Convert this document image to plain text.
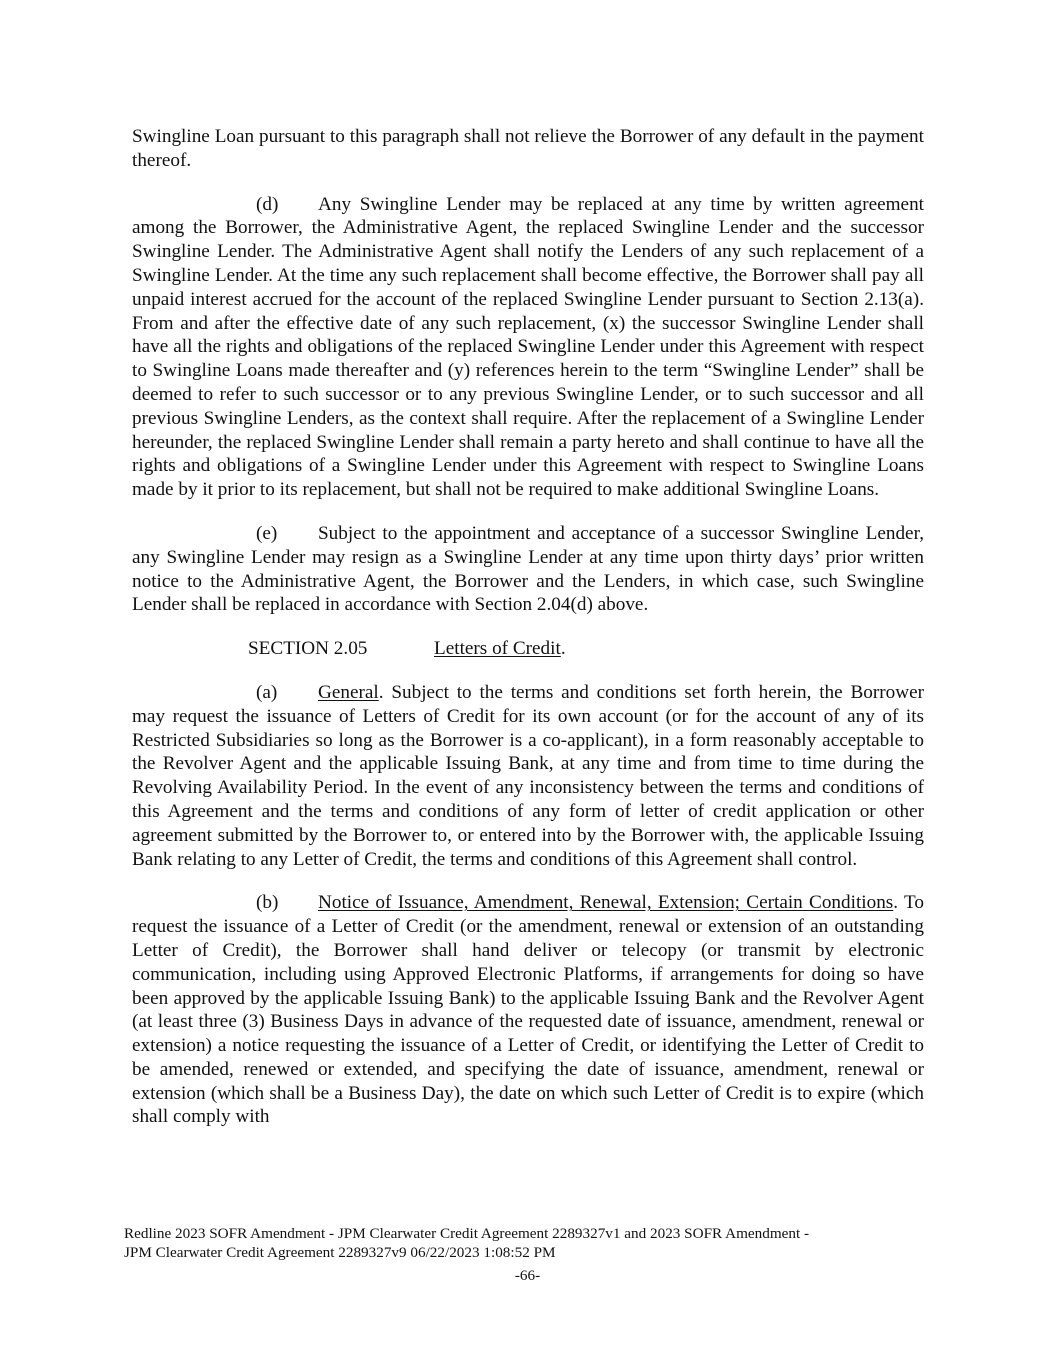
Swingline Loan pursuant to this paragraph shall not relieve the Borrower of any default in the payment thereof.

(d) Any Swingline Lender may be replaced at any time by written agreement among the Borrower, the Administrative Agent, the replaced Swingline Lender and the successor Swingline Lender. The Administrative Agent shall notify the Lenders of any such replacement of a Swingline Lender. At the time any such replacement shall become effective, the Borrower shall pay all unpaid interest accrued for the account of the replaced Swingline Lender pursuant to Section 2.13(a). From and after the effective date of any such replacement, (x) the successor Swingline Lender shall have all the rights and obligations of the replaced Swingline Lender under this Agreement with respect to Swingline Loans made thereafter and (y) references herein to the term “Swingline Lender” shall be deemed to refer to such successor or to any previous Swingline Lender, or to such successor and all previous Swingline Lenders, as the context shall require. After the replacement of a Swingline Lender hereunder, the replaced Swingline Lender shall remain a party hereto and shall continue to have all the rights and obligations of a Swingline Lender under this Agreement with respect to Swingline Loans made by it prior to its replacement, but shall not be required to make additional Swingline Loans.

(e) Subject to the appointment and acceptance of a successor Swingline Lender, any Swingline Lender may resign as a Swingline Lender at any time upon thirty days’ prior written notice to the Administrative Agent, the Borrower and the Lenders, in which case, such Swingline Lender shall be replaced in accordance with Section 2.04(d) above.

SECTION 2.05	Letters of Credit.

(a) General. Subject to the terms and conditions set forth herein, the Borrower may request the issuance of Letters of Credit for its own account (or for the account of any of its Restricted Subsidiaries so long as the Borrower is a co-applicant), in a form reasonably acceptable to the Revolver Agent and the applicable Issuing Bank, at any time and from time to time during the Revolving Availability Period. In the event of any inconsistency between the terms and conditions of this Agreement and the terms and conditions of any form of letter of credit application or other agreement submitted by the Borrower to, or entered into by the Borrower with, the applicable Issuing Bank relating to any Letter of Credit, the terms and conditions of this Agreement shall control.

(b) Notice of Issuance, Amendment, Renewal, Extension; Certain Conditions. To request the issuance of a Letter of Credit (or the amendment, renewal or extension of an outstanding Letter of Credit), the Borrower shall hand deliver or telecopy (or transmit by electronic communication, including using Approved Electronic Platforms, if arrangements for doing so have been approved by the applicable Issuing Bank) to the applicable Issuing Bank and the Revolver Agent (at least three (3) Business Days in advance of the requested date of issuance, amendment, renewal or extension) a notice requesting the issuance of a Letter of Credit, or identifying the Letter of Credit to be amended, renewed or extended, and specifying the date of issuance, amendment, renewal or extension (which shall be a Business Day), the date on which such Letter of Credit is to expire (which shall comply with

Redline 2023 SOFR Amendment - JPM Clearwater Credit Agreement 2289327v1 and 2023 SOFR Amendment -
JPM Clearwater Credit Agreement 2289327v9 06/22/2023 1:08:52 PM
-66-
